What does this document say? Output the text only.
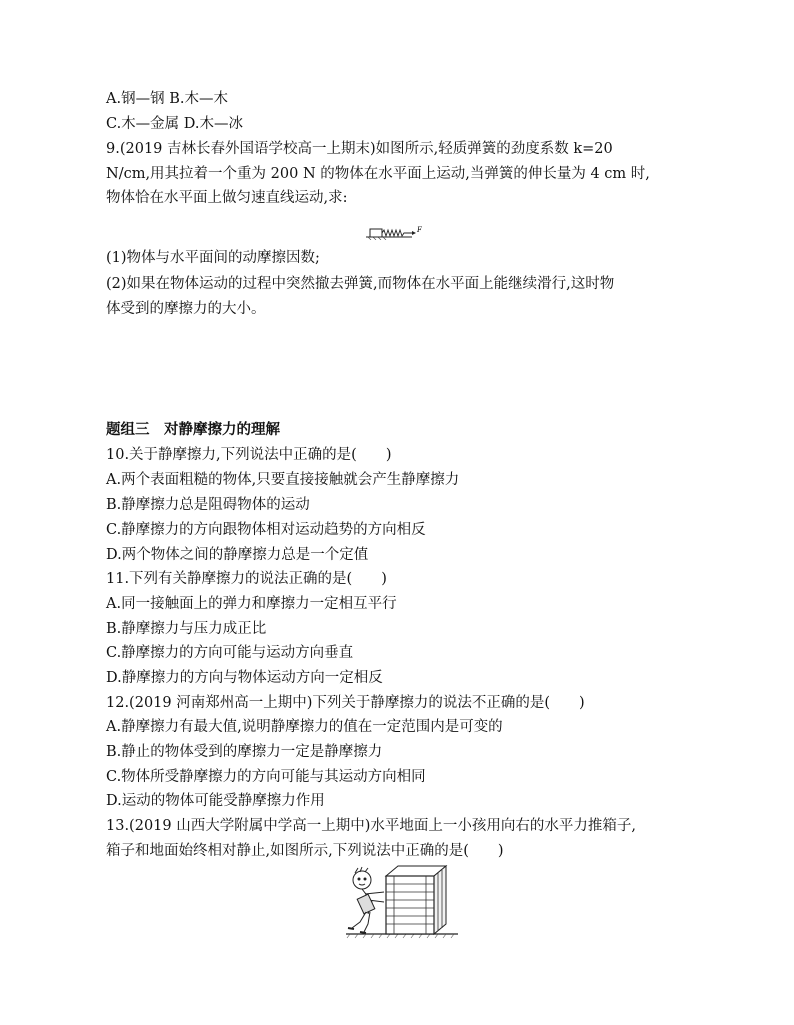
A.钢—钢 B.木—木
C.木—金属 D.木—冰
9.(2019 吉林长春外国语学校高一上期末)如图所示,轻质弹簧的劲度系数 k=20
N/cm,用其拉着一个重为 200 N 的物体在水平面上运动,当弹簧的伸长量为 4 cm 时,
物体恰在水平面上做匀速直线运动,求:
F
(1)物体与水平面间的动摩擦因数;
(2)如果在物体运动的过程中突然撤去弹簧,而物体在水平面上能继续滑行,这时物
体受到的摩擦力的大小。
题组三　对静摩擦力的理解
10.关于静摩擦力,下列说法中正确的是(　　)
A.两个表面粗糙的物体,只要直接接触就会产生静摩擦力
B.静摩擦力总是阻碍物体的运动
C.静摩擦力的方向跟物体相对运动趋势的方向相反
D.两个物体之间的静摩擦力总是一个定值
11.下列有关静摩擦力的说法正确的是(　　)
A.同一接触面上的弹力和摩擦力一定相互平行
B.静摩擦力与压力成正比
C.静摩擦力的方向可能与运动方向垂直
D.静摩擦力的方向与物体运动方向一定相反
12.(2019 河南郑州高一上期中)下列关于静摩擦力的说法不正确的是(　　)
A.静摩擦力有最大值,说明静摩擦力的值在一定范围内是可变的
B.静止的物体受到的摩擦力一定是静摩擦力
C.物体所受静摩擦力的方向可能与其运动方向相同
D.运动的物体可能受静摩擦力作用
13.(2019 山西大学附属中学高一上期中)水平地面上一小孩用向右的水平力推箱子,
箱子和地面始终相对静止,如图所示,下列说法中正确的是(　　)
